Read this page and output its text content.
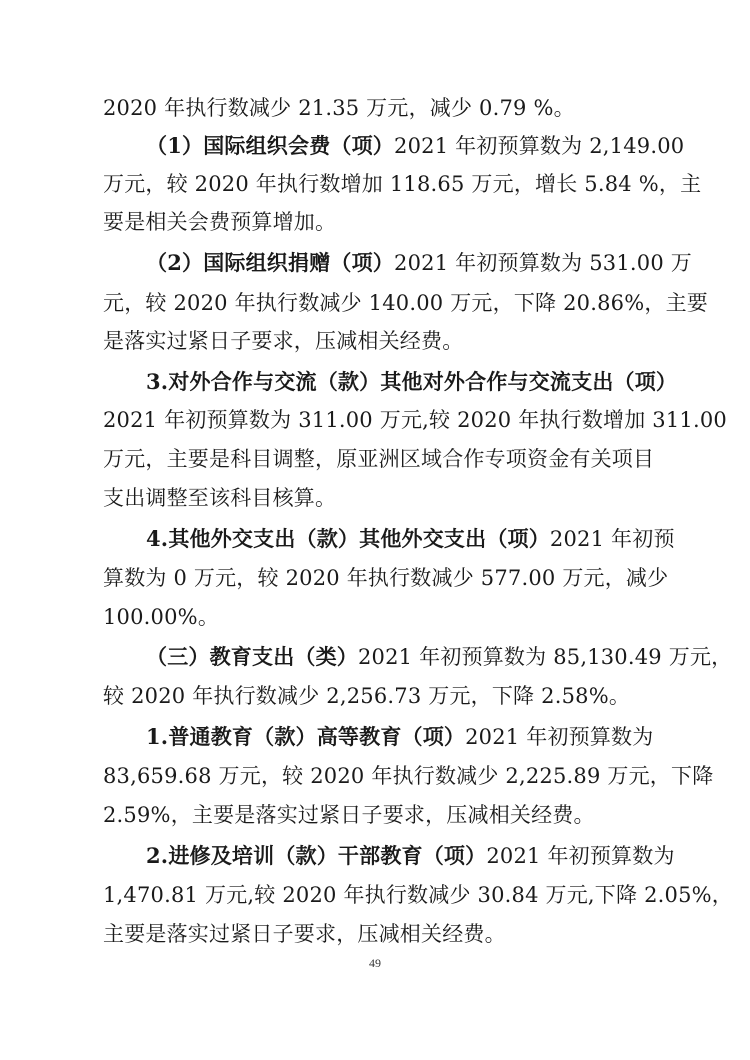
2020 年执行数减少 21.35 万元，减少 0.79 %。
（1）国际组织会费（项）2021 年初预算数为 2,149.00
万元，较 2020 年执行数增加 118.65 万元，增长 5.84 %，主
要是相关会费预算增加。
（2）国际组织捐赠（项）2021 年初预算数为 531.00 万
元，较 2020 年执行数减少 140.00 万元，下降 20.86%，主要
是落实过紧日子要求，压减相关经费。
3.对外合作与交流（款）其他对外合作与交流支出（项）
2021 年初预算数为 311.00 万元,较 2020 年执行数增加 311.00
万元，主要是科目调整，原亚洲区域合作专项资金有关项目
支出调整至该科目核算。
4.其他外交支出（款）其他外交支出（项）2021 年初预
算数为 0 万元，较 2020 年执行数减少 577.00 万元，减少
100.00%。
（三）教育支出（类）2021 年初预算数为 85,130.49 万元，
较 2020 年执行数减少 2,256.73 万元，下降 2.58%。
1.普通教育（款）高等教育（项）2021 年初预算数为
83,659.68 万元，较 2020 年执行数减少 2,225.89 万元，下降
2.59%，主要是落实过紧日子要求，压减相关经费。
2.进修及培训（款）干部教育（项）2021 年初预算数为
1,470.81 万元,较 2020 年执行数减少 30.84 万元,下降 2.05%，
主要是落实过紧日子要求，压减相关经费。
49
